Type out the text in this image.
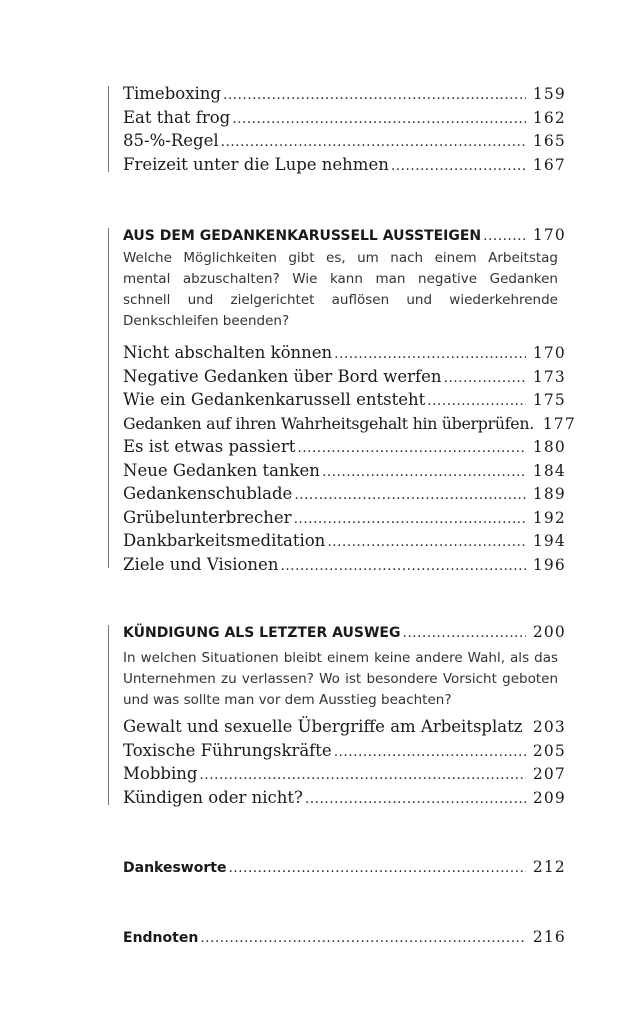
Timeboxing .....	159
Eat that frog .....	162
85-%-Regel .....	165
Freizeit unter die Lupe nehmen .....	167
AUS DEM GEDANKENKARUSSELL AUSSTEIGEN .....	170
Welche Möglichkeiten gibt es, um nach einem Arbeitstag mental abzuschalten? Wie kann man negative Gedanken schnell und zielgerichtet auflösen und wiederkehrende Denkschleifen beenden?
Nicht abschalten können .....	170
Negative Gedanken über Bord werfen .....	173
Wie ein Gedankenkarussell entsteht .....	175
Gedanken auf ihren Wahrheitsgehalt hin überprüfen. 177
Es ist etwas passiert .....	180
Neue Gedanken tanken .....	184
Gedankenschublade .....	189
Grübelunterbrecher .....	192
Dankbarkeitsmeditation .....	194
Ziele und Visionen .....	196
KÜNDIGUNG ALS LETZTER AUSWEG .....	200
In welchen Situationen bleibt einem keine andere Wahl, als das Unternehmen zu verlassen? Wo ist besondere Vorsicht geboten und was sollte man vor dem Ausstieg beachten?
Gewalt und sexuelle Übergriffe am Arbeitsplatz ..... 203
Toxische Führungskräfte .....	205
Mobbing .....	207
Kündigen oder nicht? .....	209
Dankesworte .....	212
Endnoten .....	216
